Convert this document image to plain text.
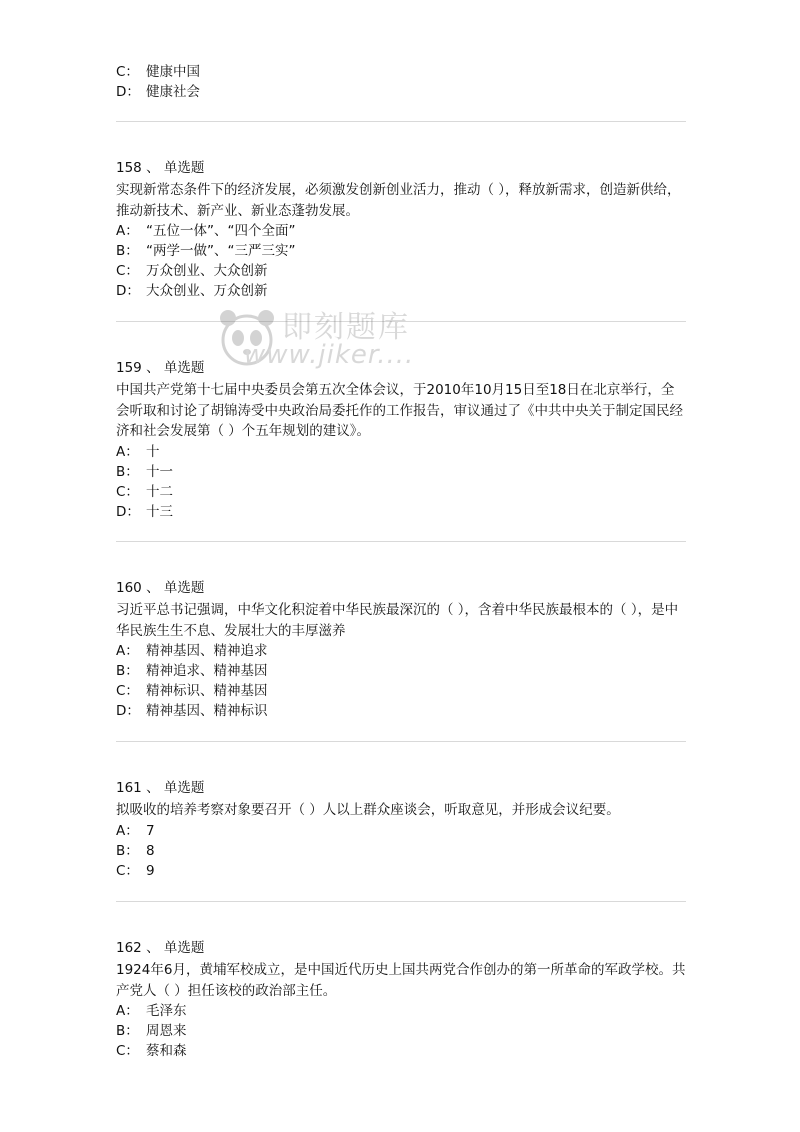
C： 健康中国
D： 健康社会
158 、 单选题
实现新常态条件下的经济发展，必须激发创新创业活力，推动（ ），释放新需求，创造新供给，推动新技术、新产业、新业态蓬勃发展。
A： “五位一体”、“四个全面”
B： “两学一做”、“三严三实”
C： 万众创业、大众创新
D： 大众创业、万众创新
159 、 单选题
中国共产党第十七届中央委员会第五次全体会议，于2010年10月15日至18日在北京举行，全会听取和讨论了胡锦涛受中央政治局委托作的工作报告，审议通过了《中共中央关于制定国民经济和社会发展第（ ）个五年规划的建议》。
A： 十
B： 十一
C： 十二
D： 十三
160 、 单选题
习近平总书记强调，中华文化积淀着中华民族最深沉的（ ），含着中华民族最根本的（ ），是中华民族生生不息、发展壮大的丰厚滋养
A： 精神基因、精神追求
B： 精神追求、精神基因
C： 精神标识、精神基因
D： 精神基因、精神标识
161 、 单选题
拟吸收的培养考察对象要召开（ ）人以上群众座谈会，听取意见，并形成会议纪要。
A： 7
B： 8
C： 9
162 、 单选题
1924年6月，黄埔军校成立，是中国近代历史上国共两党合作创办的第一所革命的军政学校。共产党人（ ）担任该校的政治部主任。
A： 毛泽东
B： 周恩来
C： 蔡和森
即刻题库
www.jiker....
